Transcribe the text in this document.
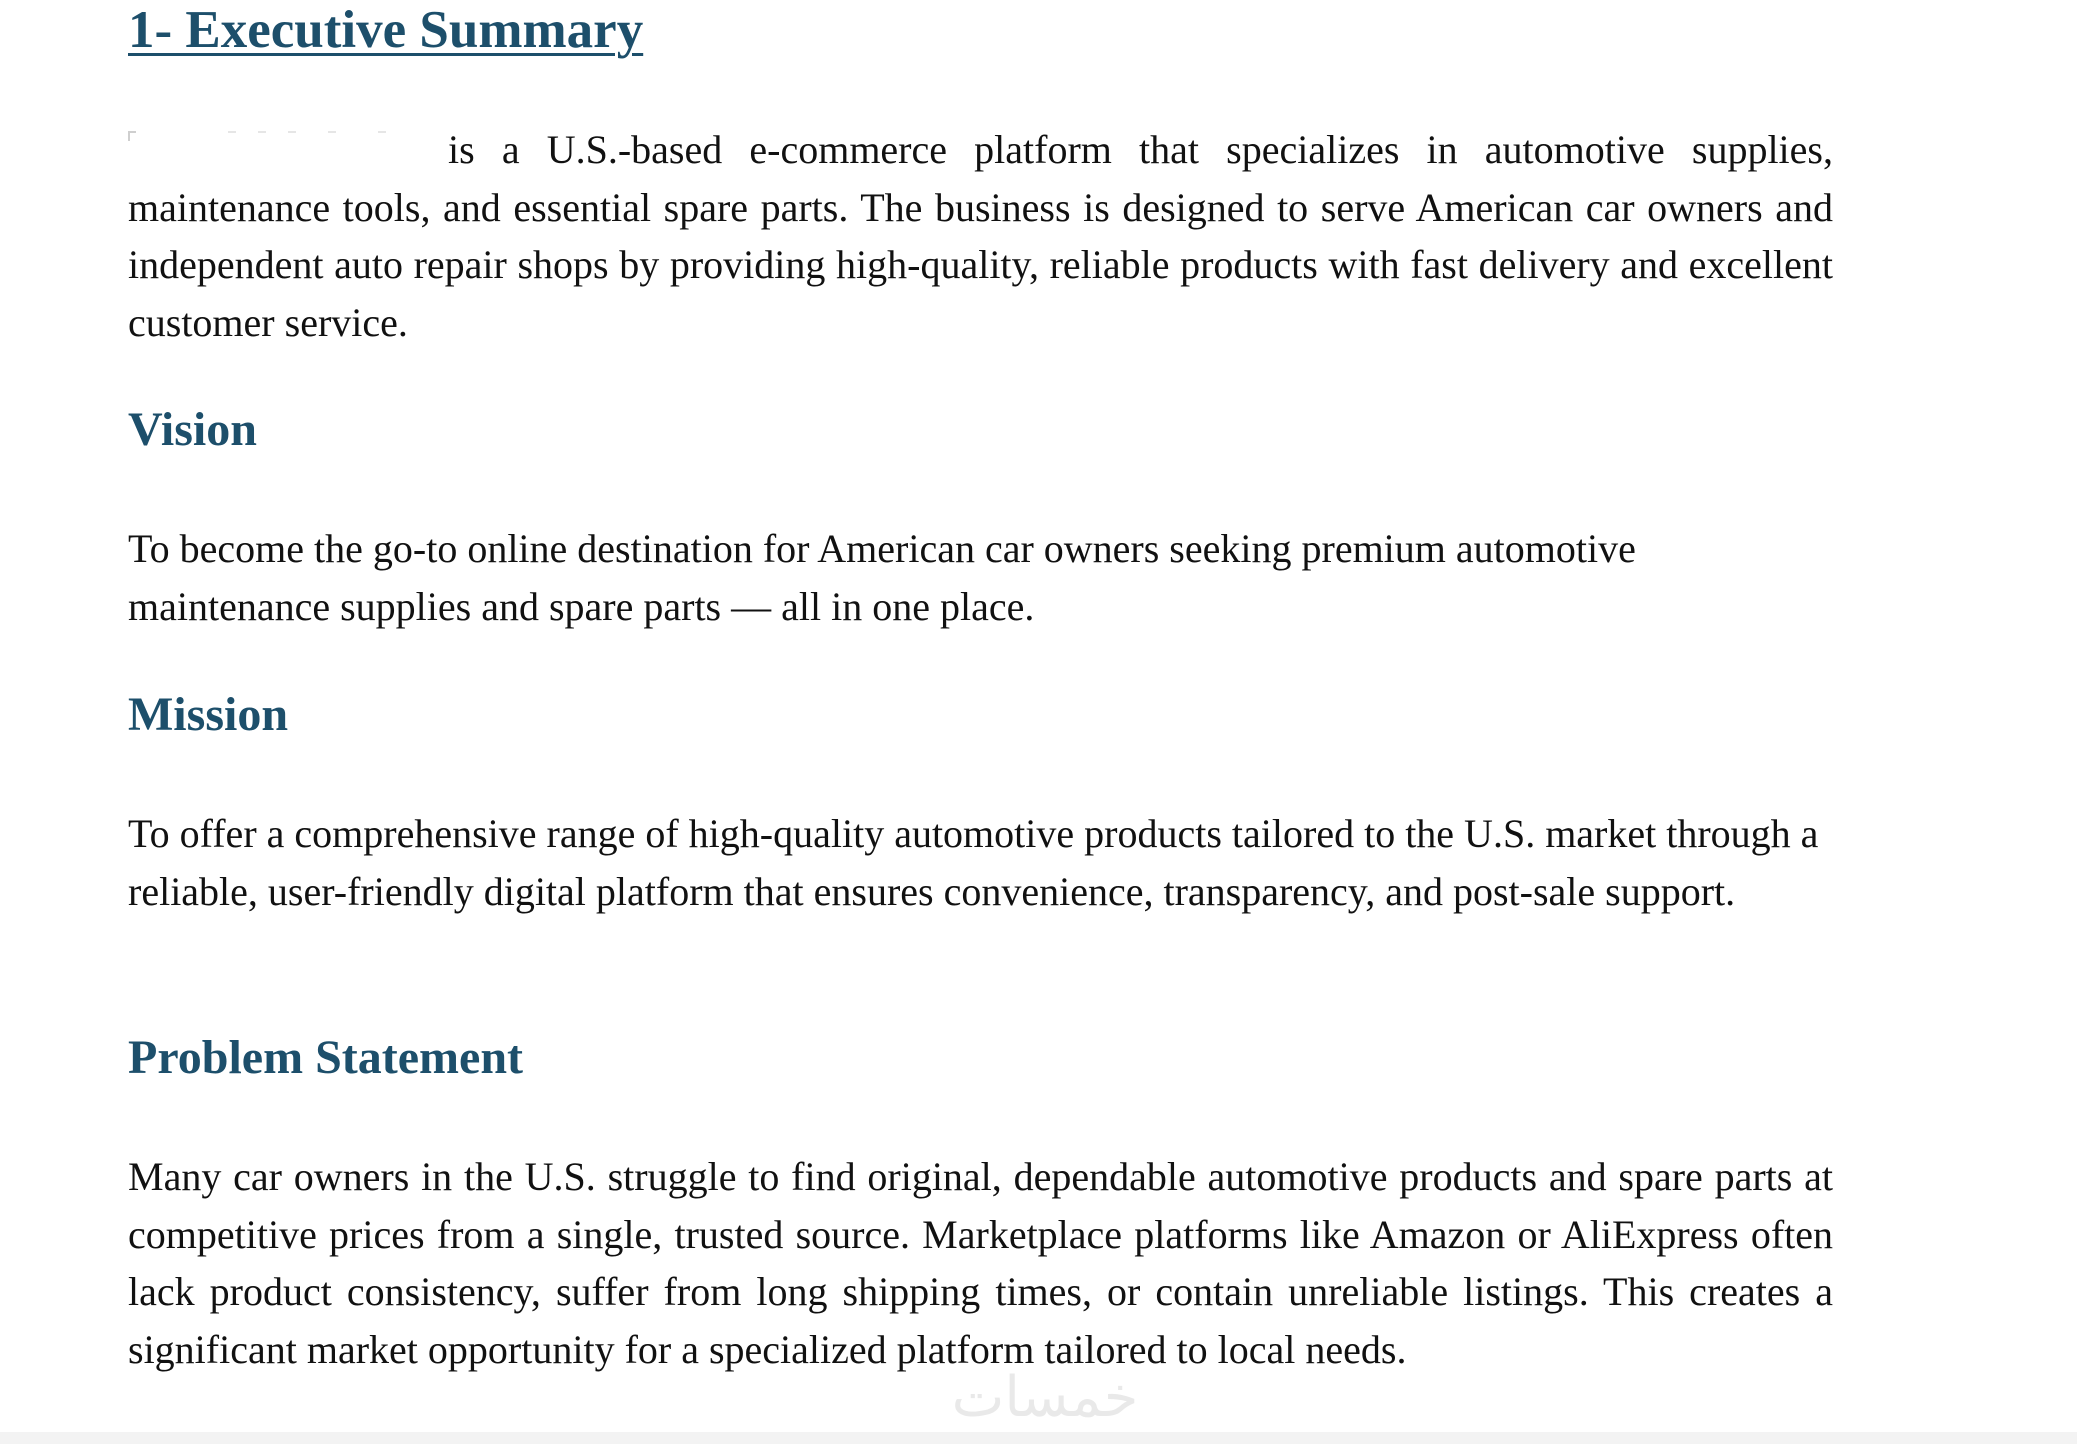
1- Executive Summary

is a U.S.-based e-commerce platform that specializes in automotive supplies, maintenance tools, and essential spare parts. The business is designed to serve American car owners and independent auto repair shops by providing high-quality, reliable products with fast delivery and excellent customer service.

Vision

To become the go-to online destination for American car owners seeking premium automotive maintenance supplies and spare parts — all in one place.

Mission

To offer a comprehensive range of high-quality automotive products tailored to the U.S. market through a reliable, user-friendly digital platform that ensures convenience, transparency, and post-sale support.

Problem Statement

Many car owners in the U.S. struggle to find original, dependable automotive products and spare parts at competitive prices from a single, trusted source. Marketplace platforms like Amazon or AliExpress often lack product consistency, suffer from long shipping times, or contain unreliable listings. This creates a significant market opportunity for a specialized platform tailored to local needs.

خمسات
